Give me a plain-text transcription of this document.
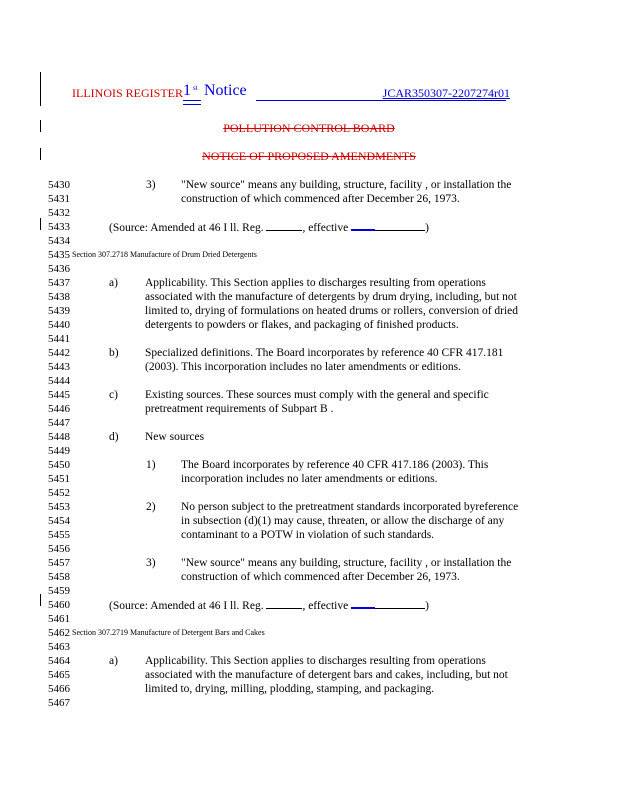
ILLINOIS REGISTER 1 st Notice	JCAR350307-2207274r01
POLLUTION CONTROL BOARD
NOTICE OF PROPOSED AMENDMENTS
5430
5431
5432
5433
5434
5435
5436
5437
5438
5439
5440
5441
5442
5443
5444
5445
5446
5447
5448
5449
5450
5451
5452
5453
5454
5455
5456
5457
5458
5459
5460
5461
5462
5463
5464
5465
5466
5467
3) "New source" means any building, structure, facility , or installation the
construction of which commenced after December 26, 1973.
(Source: Amended at 46 I ll. Reg.	, effective	)
Section 307.2718 Manufacture of Drum Dried Detergents
a) Applicability. This Section applies to discharges resulting from operations
associated with the manufacture of detergents by drum drying, including, but not
limited to, drying of formulations on heated drums or rollers, conversion of dried
detergents to powders or flakes, and packaging of finished products.
b) Specialized definitions. The Board incorporates by reference 40 CFR 417.181
(2003). This incorporation includes no later amendments or editions.
c) Existing sources. These sources must comply with the general and specific
pretreatment requirements of Subpart B .
d) New sources
1) The Board incorporates by reference 40 CFR 417.186 (2003). This
incorporation includes no later amendments or editions.
2) No person subject to the pretreatment standards incorporated byreference
in subsection (d)(1) may cause, threaten, or allow the discharge of any
contaminant to a POTW in violation of such standards.
3) "New source" means any building, structure, facility , or installation the
construction of which commenced after December 26, 1973.
(Source: Amended at 46 I ll. Reg.	, effective	)
Section 307.2719 Manufacture of Detergent Bars and Cakes
a) Applicability. This Section applies to discharges resulting from operations
associated with the manufacture of detergent bars and cakes, including, but not
limited to, drying, milling, plodding, stamping, and packaging.
